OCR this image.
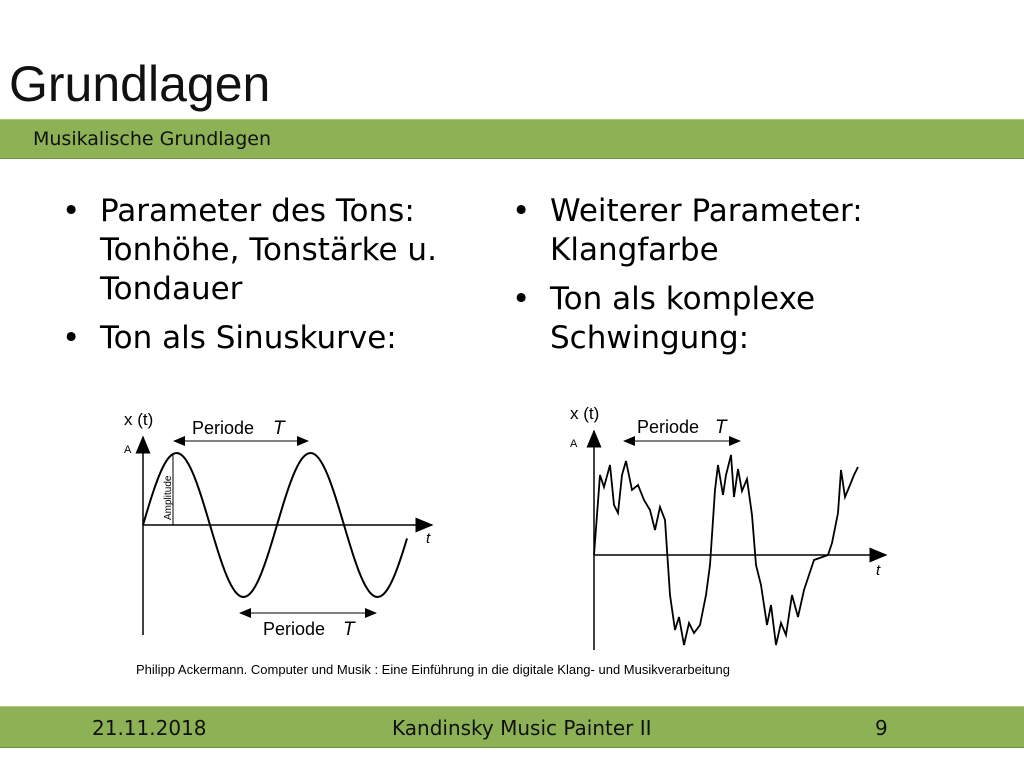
Grundlagen
Musikalische Grundlagen
• Parameter des Tons: Tonhöhe, Tonstärke u. Tondauer
• Ton als Sinuskurve:
• Weiterer Parameter: Klangfarbe
• Ton als komplexe Schwingung:
x (t)
A
Periode T
Periode T
Amplitude
t
x (t)
A
Periode T
t
Philipp Ackermann. Computer und Musik : Eine Einführung in die digitale Klang- und Musikverarbeitung
21.11.2018	Kandinsky Music Painter II	9
